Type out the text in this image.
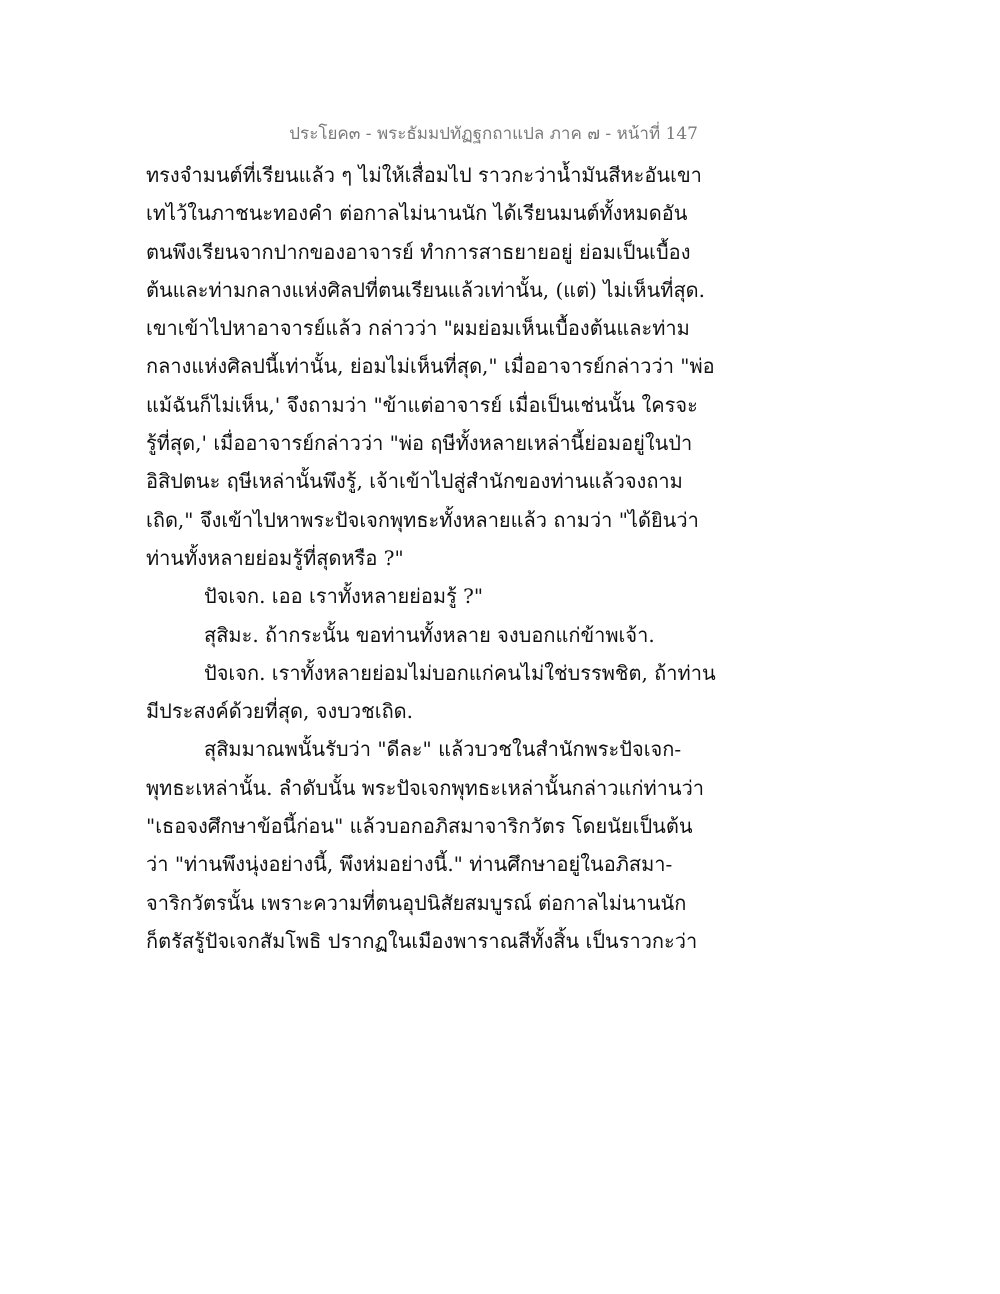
ประโยค๓ - พระธัมมปทัฏฐกถาแปล ภาค ๗ - หน้าที่ 147
ทรงจำมนต์ที่เรียนแล้ว ๆ ไม่ให้เสื่อมไป ราวกะว่าน้ำมันสีหะอันเขา
เทไว้ในภาชนะทองคำ ต่อกาลไม่นานนัก ได้เรียนมนต์ทั้งหมดอัน
ตนพึงเรียนจากปากของอาจารย์ ทำการสาธยายอยู่ ย่อมเป็นเบื้อง
ต้นและท่ามกลางแห่งศิลปที่ตนเรียนแล้วเท่านั้น, (แต่) ไม่เห็นที่สุด.
เขาเข้าไปหาอาจารย์แล้ว กล่าวว่า "ผมย่อมเห็นเบื้องต้นและท่าม
กลางแห่งศิลปนี้เท่านั้น, ย่อมไม่เห็นที่สุด," เมื่ออาจารย์กล่าวว่า "พ่อ
แม้ฉันก็ไม่เห็น,' จึงถามว่า "ข้าแต่อาจารย์ เมื่อเป็นเช่นนั้น ใครจะ
รู้ที่สุด,' เมื่ออาจารย์กล่าวว่า "พ่อ ฤษีทั้งหลายเหล่านี้ย่อมอยู่ในป่า
อิสิปตนะ ฤษีเหล่านั้นพึงรู้, เจ้าเข้าไปสู่สำนักของท่านแล้วจงถาม
เถิด," จึงเข้าไปหาพระปัจเจกพุทธะทั้งหลายแล้ว ถามว่า "ได้ยินว่า
ท่านทั้งหลายย่อมรู้ที่สุดหรือ ?"
ปัจเจก. เออ เราทั้งหลายย่อมรู้ ?"
สุสิมะ. ถ้ากระนั้น ขอท่านทั้งหลาย จงบอกแก่ข้าพเจ้า.
ปัจเจก. เราทั้งหลายย่อมไม่บอกแก่คนไม่ใช่บรรพชิต, ถ้าท่าน
มีประสงค์ด้วยที่สุด, จงบวชเถิด.
สุสิมมาณพนั้นรับว่า "ดีละ" แล้วบวชในสำนักพระปัจเจก-
พุทธะเหล่านั้น. ลำดับนั้น พระปัจเจกพุทธะเหล่านั้นกล่าวแก่ท่านว่า
"เธอจงศึกษาข้อนี้ก่อน" แล้วบอกอภิสมาจาริกวัตร โดยนัยเป็นต้น
ว่า "ท่านพึงนุ่งอย่างนี้, พึงห่มอย่างนี้." ท่านศึกษาอยู่ในอภิสมา-
จาริกวัตรนั้น เพราะความที่ตนอุปนิสัยสมบูรณ์ ต่อกาลไม่นานนัก
ก็ตรัสรู้ปัจเจกสัมโพธิ ปรากฏในเมืองพาราณสีทั้งสิ้น เป็นราวกะว่า
